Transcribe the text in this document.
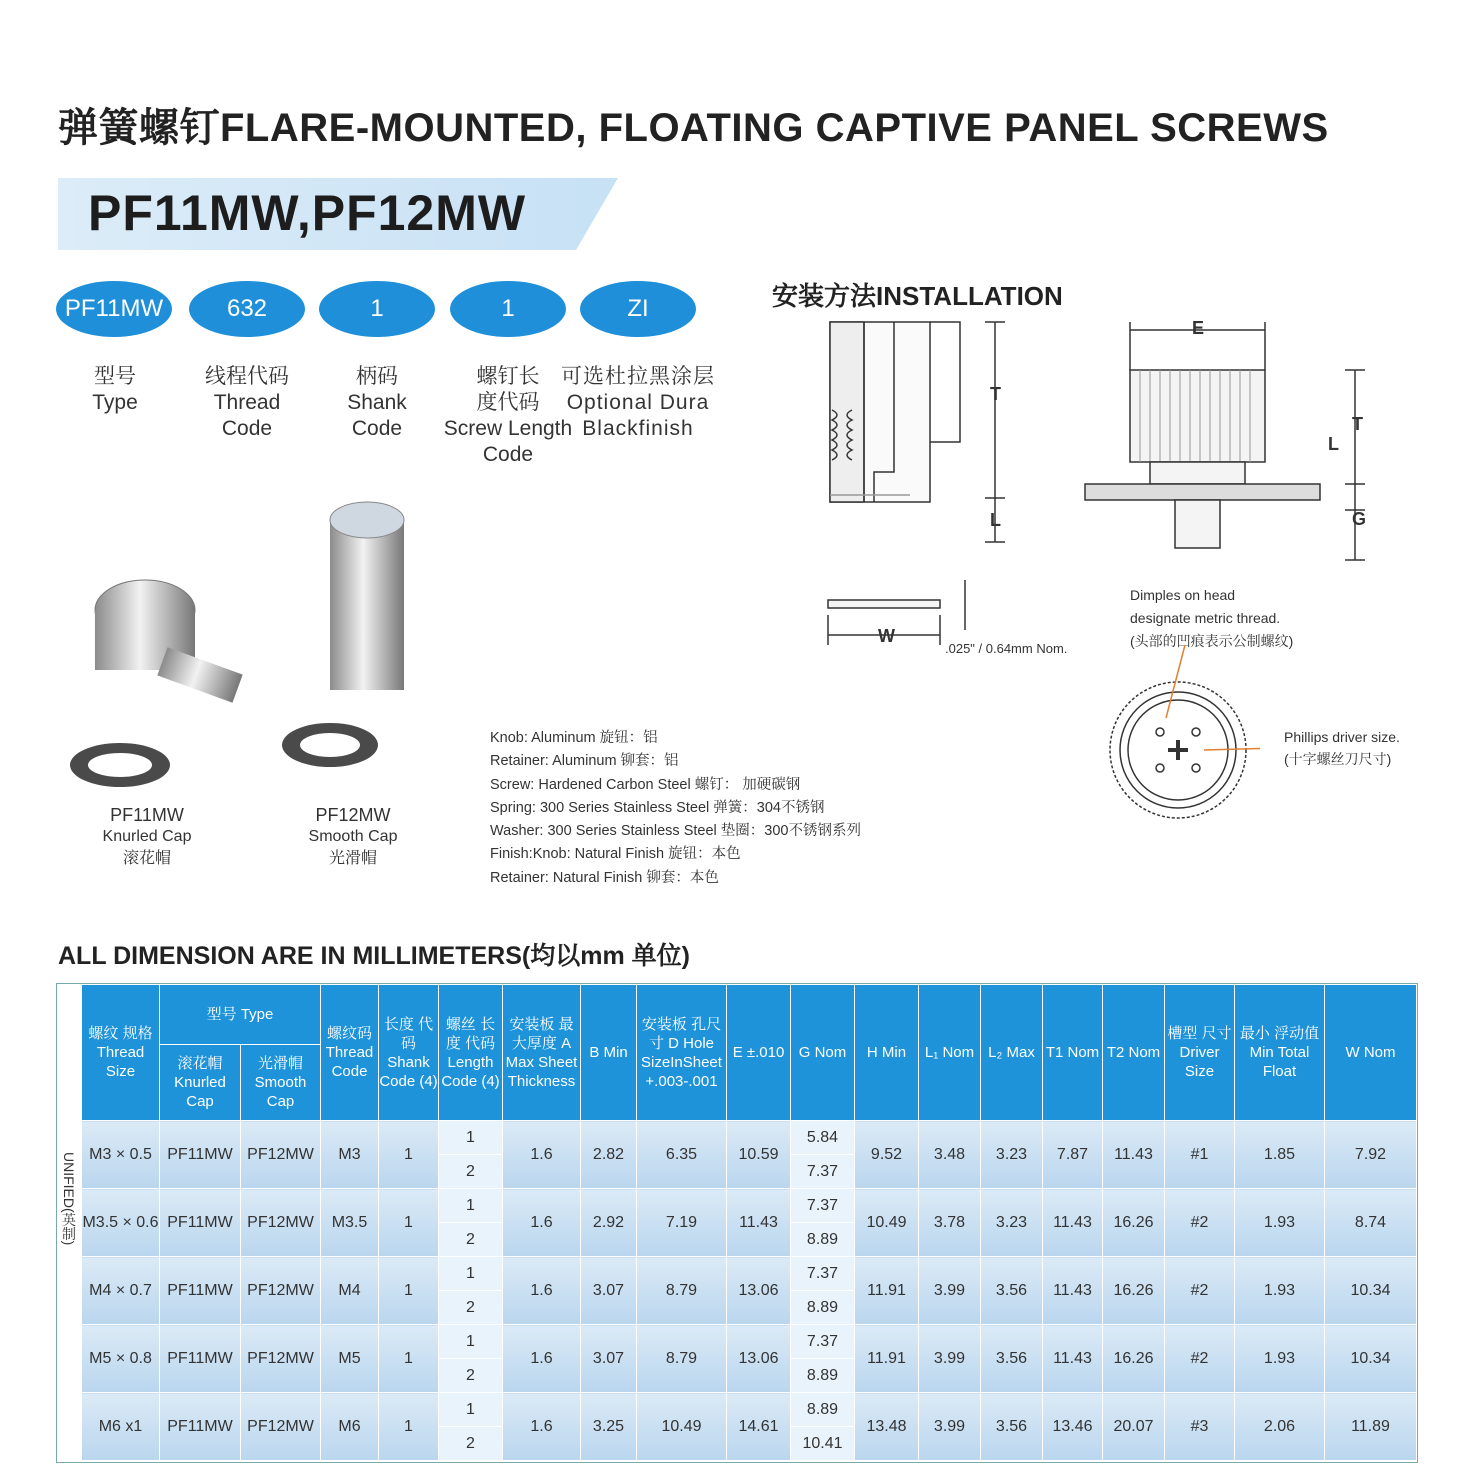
弹簧螺钉FLARE-MOUNTED, FLOATING CAPTIVE PANEL SCREWS
PF11MW,PF12MW
PF11MW	632	1	1	ZI
型号
Type
线程代码
Thread Code
柄码
Shank Code
螺钉长度代码
Screw Length Code
可选杜拉黑涂层
Optional Dura Blackfinish
安装方法INSTALLATION
T
L
E
T
L
G
W
.025" / 0.64mm Nom.
Dimples on head
designate metric thread.
(头部的凹痕表示公制螺纹)
Phillips driver size.
(十字螺丝刀尺寸)
PF11MW
Knurled Cap
滚花帽
PF12MW
Smooth Cap
光滑帽
Knob: Aluminum 旋钮：铝
Retainer: Aluminum 铆套：铝
Screw: Hardened Carbon Steel 螺钉： 加硬碳钢
Spring: 300 Series Stainless Steel 弹簧：304不锈钢
Washer: 300 Series Stainless Steel 垫圈：300不锈钢系列
Finish:Knob: Natural Finish 旋钮：本色
Retainer: Natural Finish 铆套：本色
ALL DIMENSION ARE IN MILLIMETERS(均以mm 单位)
UNIFIED(英制)
螺纹 规格 Thread Size	型号 Type		螺纹码 Thread Code	长度 代码 Shank Code (4)	螺丝 长度 代码 Length Code (4)	安装板 最大厚度 A Max Sheet Thickness	B Min	安装板 孔尺寸 D Hole SizeInSheet +.003-.001	E ±.010	G Nom	H Min	L₁ Nom	L₂ Max	T1 Nom	T2 Nom	槽型 尺寸 Driver Size	最小 浮动值 Min Total Float	W Nom
	滚花帽 Knurled Cap	光滑帽 Smooth Cap																
M3 × 0.5	PF11MW	PF12MW	M3	1	1	1.6	2.82	6.35	10.59	5.84	9.52	3.48	3.23	7.87	11.43	#1	1.85	7.92
					2					7.37								
M3.5 × 0.6	PF11MW	PF12MW	M3.5	1	1	1.6	2.92	7.19	11.43	7.37	10.49	3.78	3.23	11.43	16.26	#2	1.93	8.74
					2					8.89								
M4 × 0.7	PF11MW	PF12MW	M4	1	1	1.6	3.07	8.79	13.06	7.37	11.91	3.99	3.56	11.43	16.26	#2	1.93	10.34
					2					8.89								
M5 × 0.8	PF11MW	PF12MW	M5	1	1	1.6	3.07	8.79	13.06	7.37	11.91	3.99	3.56	11.43	16.26	#2	1.93	10.34
					2					8.89								
M6 x1	PF11MW	PF12MW	M6	1	1	1.6	3.25	10.49	14.61	8.89	13.48	3.99	3.56	13.46	20.07	#3	2.06	11.89
					2					10.41								
